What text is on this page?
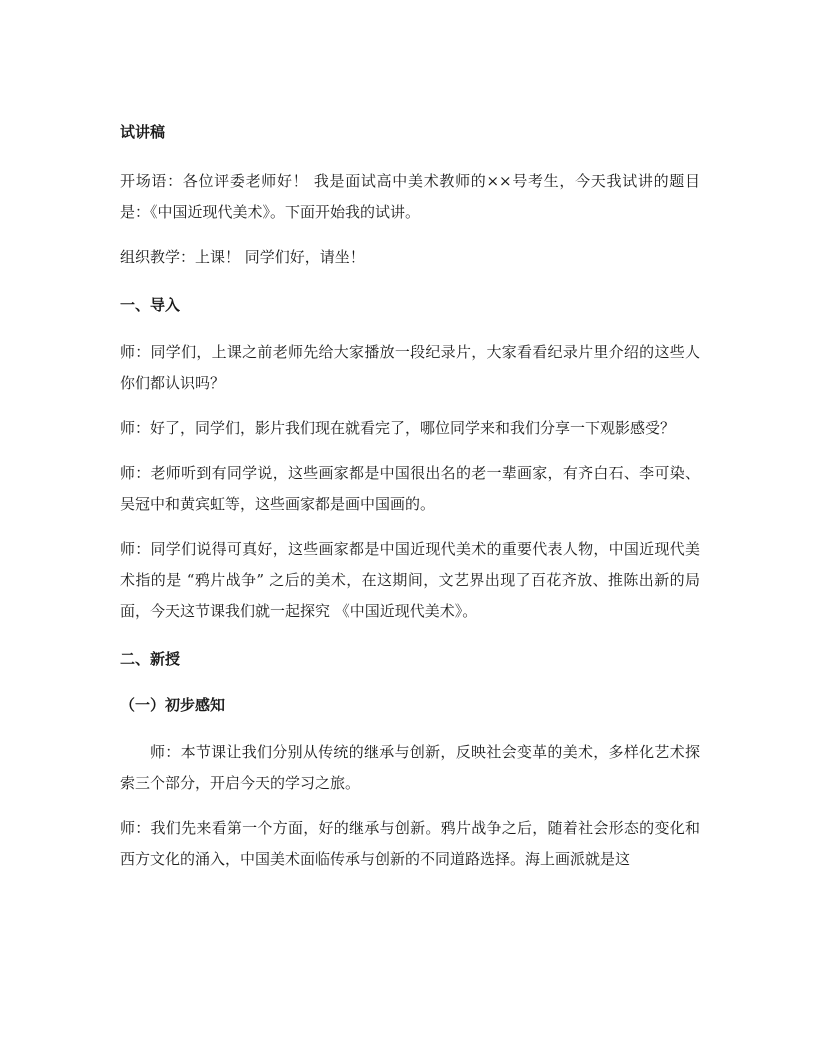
试讲稿

开场语：各位评委老师好！ 我是面试高中美术教师的××号考生，今天我试讲的题目是：《中国近现代美术》。下面开始我的试讲。

组织教学：上课！ 同学们好，请坐！

一、导入

师：同学们，上课之前老师先给大家播放一段纪录片，大家看看纪录片里介绍的这些人你们都认识吗？

师：好了，同学们，影片我们现在就看完了，哪位同学来和我们分享一下观影感受？

师：老师听到有同学说，这些画家都是中国很出名的老一辈画家，有齐白石、李可染、吴冠中和黄宾虹等，这些画家都是画中国画的。

师：同学们说得可真好，这些画家都是中国近现代美术的重要代表人物，中国近现代美术指的是 “鸦片战争” 之后的美术，在这期间，文艺界出现了百花齐放、推陈出新的局面，今天这节课我们就一起探究 《中国近现代美术》。

二、新授

（一）初步感知

师：本节课让我们分别从传统的继承与创新，反映社会变革的美术，多样化艺术探索三个部分，开启今天的学习之旅。

师：我们先来看第一个方面，好的继承与创新。鸦片战争之后，随着社会形态的变化和西方文化的涌入，中国美术面临传承与创新的不同道路选择。海上画派就是这
